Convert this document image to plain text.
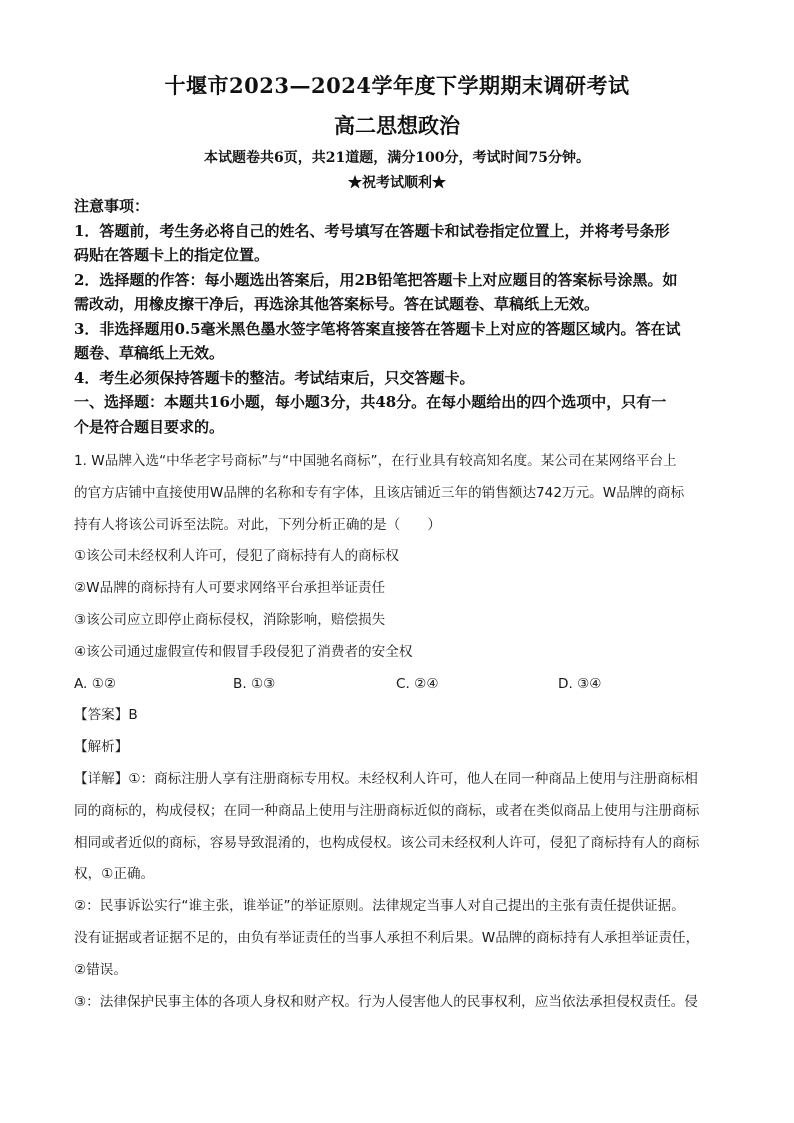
十堰市2023—2024学年度下学期期末调研考试
高二思想政治
本试题卷共6页，共21道题，满分100分，考试时间75分钟。
★祝考试顺利★

注意事项：

1．答题前，考生务必将自己的姓名、考号填写在答题卡和试卷指定位置上，并将考号条形

码贴在答题卡上的指定位置。

2．选择题的作答：每小题选出答案后，用2B铅笔把答题卡上对应题目的答案标号涂黑。如

需改动，用橡皮擦干净后，再选涂其他答案标号。答在试题卷、草稿纸上无效。

3．非选择题用0.5毫米黑色墨水签字笔将答案直接答在答题卡上对应的答题区域内。答在试

题卷、草稿纸上无效。

4．考生必须保持答题卡的整洁。考试结束后，只交答题卡。

一、选择题：本题共16小题，每小题3分，共48分。在每小题给出的四个选项中，只有一

个是符合题目要求的。

1. W品牌入选“中华老字号商标”与“中国驰名商标”，在行业具有较高知名度。某公司在某网络平台上

的官方店铺中直接使用W品牌的名称和专有字体，且该店铺近三年的销售额达742万元。W品牌的商标

持有人将该公司诉至法院。对此，下列分析正确的是（　　）

①该公司未经权利人许可，侵犯了商标持有人的商标权

②W品牌的商标持有人可要求网络平台承担举证责任

③该公司应立即停止商标侵权，消除影响，赔偿损失

④该公司通过虚假宣传和假冒手段侵犯了消费者的安全权

A. ①②	B. ①③	C. ②④	D. ③④

【答案】B

【解析】

【详解】①：商标注册人享有注册商标专用权。未经权利人许可，他人在同一种商品上使用与注册商标相

同的商标的，构成侵权；在同一种商品上使用与注册商标近似的商标，或者在类似商品上使用与注册商标

相同或者近似的商标，容易导致混淆的，也构成侵权。该公司未经权利人许可，侵犯了商标持有人的商标

权，①正确。

②：民事诉讼实行“谁主张，谁举证”的举证原则。法律规定当事人对自己提出的主张有责任提供证据。

没有证据或者证据不足的，由负有举证责任的当事人承担不利后果。W品牌的商标持有人承担举证责任，

②错误。

③：法律保护民事主体的各项人身权和财产权。行为人侵害他人的民事权利，应当依法承担侵权责任。侵
